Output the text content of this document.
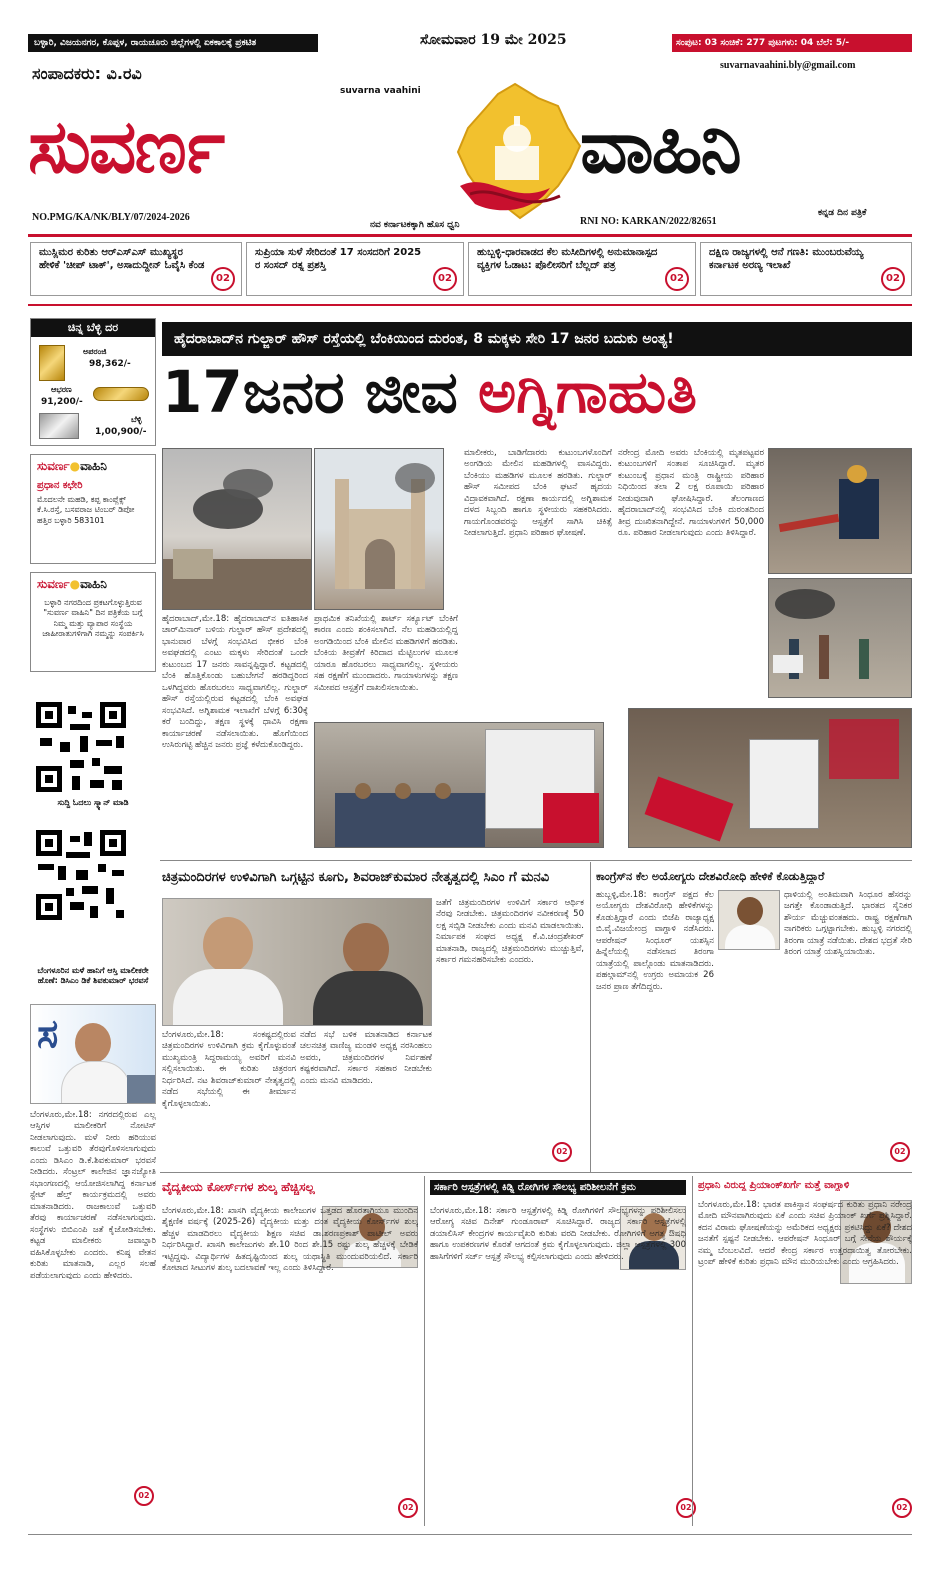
ಬಳ್ಳಾರಿ, ವಿಜಯನಗರ, ಕೊಪ್ಪಳ, ರಾಯಚೂರು ಜಿಲ್ಲೆಗಳಲ್ಲಿ ಏಕಕಾಲಕ್ಕೆ ಪ್ರಕಟಿತ	ಸೋಮವಾರ 19 ಮೇ 2025	ಸಂಪುಟ: 03 ಸಂಚಿಕೆ: 277 ಪುಟಗಳು: 04 ಬೆಲೆ: 5/-
ಸಂಪಾದಕರು: ವಿ.ರವಿ	suvarnavaahini.bly@gmail.com
suvarna vaahini
ಸುವರ್ಣ	ವಾಹಿನಿ
NO.PMG/KA/NK/BLY/07/2024-2026
ನವ ಕರ್ನಾಟಕಕ್ಕಾಗಿ ಹೊಸ ಧ್ವನಿ	RNI NO: KARKAN/2022/82651
ಕನ್ನಡ ದಿನ ಪತ್ರಿಕೆ
ಮುಸ್ಲಿಮರ ಕುರಿತು ಆರ್‌ಎಸ್‌ಎಸ್ ಮುಖ್ಯಸ್ಥರ ಹೇಳಿಕೆ 'ಚೀಪ್ ಟಾಕ್', ಅಸಾದುದ್ದೀನ್ ಓವೈಸಿ ಕೆಂಡ
02
ಸುಪ್ರಿಯಾ ಸುಳೆ ಸೇರಿದಂತೆ 17 ಸಂಸದರಿಗೆ 2025 ರ ಸಂಸದ್ ರತ್ನ ಪ್ರಶಸ್ತಿ
02
ಹುಬ್ಬಳ್ಳಿ-ಧಾರವಾಡದ ಕೆಲ ಮಸೀದಿಗಳಲ್ಲಿ ಅನುಮಾನಾಸ್ಪದ ವ್ಯಕ್ತಿಗಳ ಓಡಾಟ: ಪೊಲೀಸರಿಗೆ ಬೆಲ್ಲದ್ ಪತ್ರ
02
ದಕ್ಷಿಣ ರಾಜ್ಯಗಳಲ್ಲಿ ಆನೆ ಗಣತಿ: ಮುಂಬರುವೆಯ್ಯ ಕರ್ನಾಟಕ ಅರಣ್ಯ ಇಲಾಖೆ
02
ಚಿನ್ನ ಬೆಳ್ಳಿ ದರ
ಅಪರಂಜಿ
98,362/-
ಆಭರಣ
91,200/-
ಬೆಳ್ಳಿ
1,00,900/-
ಸುವರ್ಣ●ವಾಹಿನಿ
ಪ್ರಧಾನ ಕಛೇರಿ
ಮೊದಲನೇ ಮಹಡಿ, ಕಪ್ಪ ಕಾಂಪ್ಲೆಕ್ಸ್ ಕೆ.ಸಿ.ರಸ್ತೆ, ಬಸವರಾಜ ಟಿಂಬರ್ ಡಿಪೋ ಹತ್ತಿರ ಬಳ್ಳಾರಿ 583101
ಸುವರ್ಣ●ವಾಹಿನಿ
ಬಳ್ಳಾರಿ ನಗರದಿಂದ ಪ್ರಕಟಗೊಳ್ಳುತ್ತಿರುವ "ಸುವರ್ಣ ವಾಹಿನಿ" ದಿನ ಪತ್ರಿಕೆಯ ಬಗ್ಗೆ ನಿಮ್ಮ ಮತ್ತು ವ್ಯಾಪಾರ ಸಂಸ್ಥೆಯ ಜಾಹೀರಾತುಗಳಿಗಾಗಿ ನಮ್ಮನ್ನು ಸಂಪರ್ಕಿಸಿ
ಸುದ್ದಿ ಓದಲು ಸ್ಕ್ಯಾನ್ ಮಾಡಿ
ಬೆಂಗಳೂರಿನ ಮಳೆ ಹಾನಿಗೆ ಆಸ್ತಿ ಮಾಲೀಕರೇ ಹೊಣೆ: ಡಿಸಿಎಂ ಡಿಕೆ ಶಿವಕುಮಾರ್ ಭರವಸೆ
ಸ
ಬೆಂಗಳೂರು,ಮೇ.18: ನಗರದಲ್ಲಿರುವ ಎಲ್ಲ ಆಸ್ತಿಗಳ ಮಾಲೀಕರಿಗೆ ನೋಟಿಸ್ ನೀಡಲಾಗುವುದು. ಮಳೆ ನೀರು ಹರಿಯುವ ಕಾಲುವೆ ಒತ್ತುವರಿ ತೆರವುಗೊಳಿಸಲಾಗುವುದು ಎಂದು ಡಿಸಿಎಂ ಡಿ.ಕೆ.ಶಿವಕುಮಾರ್ ಭರವಸೆ ನೀಡಿದರು. ಸೆಂಟ್ರಲ್ ಕಾಲೇಜಿನ ಜ್ಞಾನಜ್ಯೋತಿ ಸಭಾಂಗಣದಲ್ಲಿ ಆಯೋಜಿಸಲಾಗಿದ್ದ ಕರ್ನಾಟಕ ಸ್ಟೇಟ್ ಹೆಲ್ತ್ ಕಾರ್ಯಕ್ರಮದಲ್ಲಿ ಅವರು ಮಾತನಾಡಿದರು. ರಾಜಕಾಲುವೆ ಒತ್ತುವರಿ ತೆರವು ಕಾರ್ಯಾಚರಣೆ ನಡೆಸಲಾಗುವುದು. ಸಂಸ್ಥೆಗಳು ಬಿಬಿಎಂಪಿ ಜತೆ ಕೈಜೋಡಿಸಬೇಕು. ಕಟ್ಟಡ ಮಾಲೀಕರು ಜವಾಬ್ದಾರಿ ವಹಿಸಿಕೊಳ್ಳಬೇಕು ಎಂದರು. ಕನಿಷ್ಠ ವೇತನ ಕುರಿತು ಮಾತನಾಡಿ, ಎಲ್ಲರ ಸಲಹೆ ಪಡೆಯಲಾಗುವುದು ಎಂದು ಹೇಳಿದರು.
02
ಹೈದರಾಬಾದ್‌ನ ಗುಲ್ಜಾರ್ ಹೌಸ್ ರಸ್ತೆಯಲ್ಲಿ ಬೆಂಕಿಯಿಂದ ದುರಂತ, 8 ಮಕ್ಕಳು ಸೇರಿ 17 ಜನರ ಬದುಕು ಅಂತ್ಯ!
17ಜನರ ಜೀವ ಅಗ್ನಿಗಾಹುತಿ
ಹೈದರಾಬಾದ್,ಮೇ.18: ಹೈದರಾಬಾದ್‌ನ ಐತಿಹಾಸಿಕ ಚಾರ್‌ಮಿನಾರ್ ಬಳಿಯ ಗುಲ್ಜಾರ್ ಹೌಸ್ ಪ್ರದೇಶದಲ್ಲಿ ಭಾನುವಾರ ಬೆಳಗ್ಗೆ ಸಂಭವಿಸಿದ ಭೀಕರ ಬೆಂಕಿ ಅವಘಡದಲ್ಲಿ ಎಂಟು ಮಕ್ಕಳು ಸೇರಿದಂತೆ ಒಂದೇ ಕುಟುಂಬದ 17 ಜನರು ಸಾವನ್ನಪ್ಪಿದ್ದಾರೆ. ಕಟ್ಟಡದಲ್ಲಿ ಬೆಂಕಿ ಹೊತ್ತಿಕೊಂಡು ಬಹುಬೇಗನೆ ಹರಡಿದ್ದರಿಂದ ಒಳಗಿದ್ದವರು ಹೊರಬರಲು ಸಾಧ್ಯವಾಗಲಿಲ್ಲ. ಗುಲ್ಜಾರ್ ಹೌಸ್ ರಸ್ತೆಯಲ್ಲಿರುವ ಕಟ್ಟಡದಲ್ಲಿ ಬೆಂಕಿ ಅವಘಡ ಸಂಭವಿಸಿದೆ. ಅಗ್ನಿಶಾಮಕ ಇಲಾಖೆಗೆ ಬೆಳಗ್ಗೆ 6:30ಕ್ಕೆ ಕರೆ ಬಂದಿದ್ದು, ತಕ್ಷಣ ಸ್ಥಳಕ್ಕೆ ಧಾವಿಸಿ ರಕ್ಷಣಾ ಕಾರ್ಯಾಚರಣೆ ನಡೆಸಲಾಯಿತು. ಹೊಗೆಯಿಂದ ಉಸಿರುಗಟ್ಟಿ ಹೆಚ್ಚಿನ ಜನರು ಪ್ರಜ್ಞೆ ಕಳೆದುಕೊಂಡಿದ್ದರು.
ಪ್ರಾಥಮಿಕ ತನಿಖೆಯಲ್ಲಿ ಶಾರ್ಟ್ ಸರ್ಕ್ಯೂಟ್ ಬೆಂಕಿಗೆ ಕಾರಣ ಎಂದು ಶಂಕಿಸಲಾಗಿದೆ. ನೆಲ ಮಹಡಿಯಲ್ಲಿದ್ದ ಅಂಗಡಿಯಿಂದ ಬೆಂಕಿ ಮೇಲಿನ ಮಹಡಿಗಳಿಗೆ ಹರಡಿತು. ಬೆಂಕಿಯ ತೀವ್ರತೆಗೆ ಕಿರಿದಾದ ಮೆಟ್ಟಿಲುಗಳ ಮೂಲಕ ಯಾರೂ ಹೊರಬರಲು ಸಾಧ್ಯವಾಗಲಿಲ್ಲ. ಸ್ಥಳೀಯರು ಸಹ ರಕ್ಷಣೆಗೆ ಮುಂದಾದರು. ಗಾಯಾಳುಗಳನ್ನು ತಕ್ಷಣ ಸಮೀಪದ ಆಸ್ಪತ್ರೆಗೆ ದಾಖಲಿಸಲಾಯಿತು.
ಮಾಲೀಕರು, ಬಾಡಿಗೆದಾರರು ಕುಟುಂಬಗಳೊಂದಿಗೆ ಅಂಗಡಿಯ ಮೇಲಿನ ಮಹಡಿಗಳಲ್ಲಿ ವಾಸವಿದ್ದರು. ಬೆಂಕಿಯು ಮಹಡಿಗಳ ಮೂಲಕ ಹರಡಿತು. ಗುಲ್ಜಾರ್ ಹೌಸ್ ಸಮೀಪದ ಬೆಂಕಿ ಘಟನೆ ಹೃದಯ ವಿದ್ರಾವಕವಾಗಿದೆ. ರಕ್ಷಣಾ ಕಾರ್ಯದಲ್ಲಿ ಅಗ್ನಿಶಾಮಕ ದಳದ ಸಿಬ್ಬಂದಿ ಹಾಗೂ ಸ್ಥಳೀಯರು ಸಹಕರಿಸಿದರು. ಗಾಯಗೊಂಡವರನ್ನು ಆಸ್ಪತ್ರೆಗೆ ಸಾಗಿಸಿ ಚಿಕಿತ್ಸೆ ನೀಡಲಾಗುತ್ತಿದೆ. ಪ್ರಧಾನಿ ಪರಿಹಾರ ಘೋಷಣೆ.
ನರೇಂದ್ರ ಮೋದಿ ಅವರು ಬೆಂಕಿಯಲ್ಲಿ ಮೃತಪಟ್ಟವರ ಕುಟುಂಬಗಳಿಗೆ ಸಂತಾಪ ಸೂಚಿಸಿದ್ದಾರೆ. ಮೃತರ ಕುಟುಂಬಕ್ಕೆ ಪ್ರಧಾನ ಮಂತ್ರಿ ರಾಷ್ಟ್ರೀಯ ಪರಿಹಾರ ನಿಧಿಯಿಂದ ತಲಾ 2 ಲಕ್ಷ ರೂಪಾಯಿ ಪರಿಹಾರ ನೀಡುವುದಾಗಿ ಘೋಷಿಸಿದ್ದಾರೆ. ತೆಲಂಗಾಣದ ಹೈದರಾಬಾದ್‌ನಲ್ಲಿ ಸಂಭವಿಸಿದ ಬೆಂಕಿ ದುರಂತದಿಂದ ತೀವ್ರ ದುಃಖಿತನಾಗಿದ್ದೇನೆ. ಗಾಯಾಳುಗಳಿಗೆ 50,000 ರೂ. ಪರಿಹಾರ ನೀಡಲಾಗುವುದು ಎಂದು ತಿಳಿಸಿದ್ದಾರೆ.
ಚಿತ್ರಮಂದಿರಗಳ ಉಳಿವಿಗಾಗಿ ಒಗ್ಗಟ್ಟಿನ ಕೂಗು, ಶಿವರಾಜ್‌ಕುಮಾರ ನೇತೃತ್ವದಲ್ಲಿ ಸಿಎಂ ಗೆ ಮನವಿ
ಜತೆಗೆ ಚಿತ್ರಮಂದಿರಗಳ ಉಳಿವಿಗೆ ಸರ್ಕಾರ ಆರ್ಥಿಕ ನೆರವು ನೀಡಬೇಕು. ಚಿತ್ರಮಂದಿರಗಳ ನವೀಕರಣಕ್ಕೆ 50 ಲಕ್ಷ ಸಬ್ಸಿಡಿ ನೀಡಬೇಕು ಎಂದು ಮನವಿ ಮಾಡಲಾಯಿತು. ನಿರ್ಮಾಪಕ ಸಂಘದ ಅಧ್ಯಕ್ಷ ಕೆ.ವಿ.ಚಂದ್ರಶೇಖರ್ ಮಾತನಾಡಿ, ರಾಜ್ಯದಲ್ಲಿ ಚಿತ್ರಮಂದಿರಗಳು ಮುಚ್ಚುತ್ತಿವೆ, ಸರ್ಕಾರ ಗಮನಹರಿಸಬೇಕು ಎಂದರು.
ಬೆಂಗಳೂರು,ಮೇ.18: ಸಂಕಷ್ಟದಲ್ಲಿರುವ ಚಿತ್ರಮಂದಿರಗಳ ಉಳಿವಿಗಾಗಿ ಕ್ರಮ ಕೈಗೊಳ್ಳುವಂತೆ ಮುಖ್ಯಮಂತ್ರಿ ಸಿದ್ದರಾಮಯ್ಯ ಅವರಿಗೆ ಮನವಿ ಸಲ್ಲಿಸಲಾಯಿತು. ಈ ಕುರಿತು ಚಿತ್ರರಂಗ ನಿರ್ಧರಿಸಿದೆ. ನಟ ಶಿವರಾಜ್‌ಕುಮಾರ್ ನೇತೃತ್ವದಲ್ಲಿ ನಡೆದ ಸಭೆಯಲ್ಲಿ ಈ ತೀರ್ಮಾನ ಕೈಗೊಳ್ಳಲಾಯಿತು.
ನಡೆದ ಸಭೆ ಬಳಿಕ ಮಾತನಾಡಿದ ಕರ್ನಾಟಕ ಚಲನಚಿತ್ರ ವಾಣಿಜ್ಯ ಮಂಡಳಿ ಅಧ್ಯಕ್ಷ ನರಸಿಂಹಲು ಅವರು, ಚಿತ್ರಮಂದಿರಗಳ ನಿರ್ವಹಣೆ ಕಷ್ಟಕರವಾಗಿದೆ. ಸರ್ಕಾರ ಸಹಕಾರ ನೀಡಬೇಕು ಎಂದು ಮನವಿ ಮಾಡಿದರು.
02
ಕಾಂಗ್ರೆಸ್‌ನ ಕೆಲ ಅಯೋಗ್ಯರು ದೇಶವಿರೋಧಿ ಹೇಳಿಕೆ ಕೊಡುತ್ತಿದ್ದಾರೆ
ಹುಬ್ಬಳ್ಳಿ,ಮೇ.18: ಕಾಂಗ್ರೆಸ್ ಪಕ್ಷದ ಕೆಲ ಅಯೋಗ್ಯರು ದೇಶವಿರೋಧಿ ಹೇಳಿಕೆಗಳನ್ನು ಕೊಡುತ್ತಿದ್ದಾರೆ ಎಂದು ಬಿಜೆಪಿ ರಾಜ್ಯಾಧ್ಯಕ್ಷ ಬಿ.ವೈ.ವಿಜಯೇಂದ್ರ ವಾಗ್ದಾಳಿ ನಡೆಸಿದರು. ಆಪರೇಷನ್ ಸಿಂಧೂರ್ ಯಶಸ್ಸಿನ ಹಿನ್ನೆಲೆಯಲ್ಲಿ ನಡೆಸಲಾದ ತಿರಂಗಾ ಯಾತ್ರೆಯಲ್ಲಿ ಪಾಲ್ಗೊಂಡು ಮಾತನಾಡಿದರು. ಪಹಲ್ಗಾಮ್‌ನಲ್ಲಿ ಉಗ್ರರು ಅಮಾಯಕ 26 ಜನರ ಪ್ರಾಣ ತೆಗೆದಿದ್ದರು.
ಧಾಳಿಯಲ್ಲಿ ಅಂತಿಮವಾಗಿ ಸಿಂಧೂರ ಹೆಸರನ್ನು ಜಗತ್ತೇ ಕೊಂಡಾಡುತ್ತಿದೆ. ಭಾರತದ ಸೈನಿಕರ ಶೌರ್ಯ ಮೆಚ್ಚುವಂತಹದು. ರಾಷ್ಟ್ರ ರಕ್ಷಣೆಗಾಗಿ ನಾಗರಿಕರು ಒಗ್ಗಟ್ಟಾಗಬೇಕು. ಹುಬ್ಬಳ್ಳಿ ನಗರದಲ್ಲಿ ತಿರಂಗಾ ಯಾತ್ರೆ ನಡೆಯಿತು. ದೇಶದ ಭದ್ರತೆ ಸೇರಿ ತಿರಂಗ ಯಾತ್ರೆ ಯಶಸ್ವಿಯಾಯಿತು.
02
ವೈದ್ಯಕೀಯ ಕೋರ್ಸ್‌ಗಳ ಶುಲ್ಕ ಹೆಚ್ಚಿಸಲ್ಲ
ಬೆಂಗಳೂರು,ಮೇ.18: ಖಾಸಗಿ ವೈದ್ಯಕೀಯ ಕಾಲೇಜುಗಳ ಒತ್ತಡದ ಹೊರತಾಗಿಯೂ ಮುಂದಿನ ಶೈಕ್ಷಣಿಕ ವರ್ಷಕ್ಕೆ (2025-26) ವೈದ್ಯಕೀಯ ಮತ್ತು ದಂತ ವೈದ್ಯಕೀಯ ಕೋರ್ಸ್‌ಗಳ ಶುಲ್ಕ ಹೆಚ್ಚಳ ಮಾಡದಿರಲು ವೈದ್ಯಕೀಯ ಶಿಕ್ಷಣ ಸಚಿವ ಡಾ.ಶರಣಪ್ರಕಾಶ್ ಪಾಟೀಲ್ ಅವರು ನಿರ್ಧರಿಸಿದ್ದಾರೆ. ಖಾಸಗಿ ಕಾಲೇಜುಗಳು ಶೇ.10 ರಿಂದ ಶೇ.15 ರಷ್ಟು ಶುಲ್ಕ ಹೆಚ್ಚಳಕ್ಕೆ ಬೇಡಿಕೆ ಇಟ್ಟಿದ್ದವು. ವಿದ್ಯಾರ್ಥಿಗಳ ಹಿತದೃಷ್ಟಿಯಿಂದ ಶುಲ್ಕ ಯಥಾಸ್ಥಿತಿ ಮುಂದುವರಿಯಲಿದೆ. ಸರ್ಕಾರಿ ಕೋಟಾದ ಸೀಟುಗಳ ಶುಲ್ಕ ಬದಲಾವಣೆ ಇಲ್ಲ ಎಂದು ತಿಳಿಸಿದ್ದಾರೆ.
02
ಸರ್ಕಾರಿ ಆಸ್ಪತ್ರೆಗಳಲ್ಲಿ ಕಿಡ್ನಿ ರೋಗಿಗಳ ಸೌಲಭ್ಯ ಪರಿಶೀಲನೆಗೆ ಕ್ರಮ
ಬೆಂಗಳೂರು,ಮೇ.18: ಸರ್ಕಾರಿ ಆಸ್ಪತ್ರೆಗಳಲ್ಲಿ ಕಿಡ್ನಿ ರೋಗಿಗಳಿಗೆ ಸೌಲಭ್ಯಗಳನ್ನು ಪರಿಶೀಲಿಸಲು ಆರೋಗ್ಯ ಸಚಿವ ದಿನೇಶ್ ಗುಂಡೂರಾವ್ ಸೂಚಿಸಿದ್ದಾರೆ. ರಾಜ್ಯದ ಸರ್ಕಾರಿ ಆಸ್ಪತ್ರೆಗಳಲ್ಲಿ ಡಯಾಲಿಸಿಸ್ ಕೇಂದ್ರಗಳ ಕಾರ್ಯವೈಖರಿ ಕುರಿತು ವರದಿ ನೀಡಬೇಕು. ರೋಗಿಗಳಿಗೆ ಅಗತ್ಯ ಔಷಧಿ ಹಾಗೂ ಉಪಕರಣಗಳ ಕೊರತೆ ಆಗದಂತೆ ಕ್ರಮ ಕೈಗೊಳ್ಳಲಾಗುವುದು. ಜಿಲ್ಲಾ ಆಸ್ಪತ್ರೆಗಳಲ್ಲಿ 300 ಹಾಸಿಗೆಗಳಿಗೆ ಸರ್ಜ್ ಆಸ್ಪತ್ರೆ ಸೌಲಭ್ಯ ಕಲ್ಪಿಸಲಾಗುವುದು ಎಂದು ಹೇಳಿದರು.
02
ಪ್ರಧಾನಿ ವಿರುದ್ಧ ಪ್ರಿಯಾಂಕ್‌ಖರ್ಗೆ ಮತ್ತೆ ವಾಗ್ದಾಳಿ
ಬೆಂಗಳೂರು,ಮೇ.18: ಭಾರತ ಪಾಕಿಸ್ತಾನ ಸಂಘರ್ಷದ ಕುರಿತು ಪ್ರಧಾನಿ ನರೇಂದ್ರ ಮೋದಿ ಮೌನವಾಗಿರುವುದು ಏಕೆ ಎಂದು ಸಚಿವ ಪ್ರಿಯಾಂಕ್ ಖರ್ಗೆ ಪ್ರಶ್ನಿಸಿದ್ದಾರೆ. ಕದನ ವಿರಾಮ ಘೋಷಣೆಯನ್ನು ಅಮೆರಿಕದ ಅಧ್ಯಕ್ಷರು ಪ್ರಕಟಿಸಿದ್ದು ಏಕೆ? ದೇಶದ ಜನತೆಗೆ ಸ್ಪಷ್ಟನೆ ನೀಡಬೇಕು. ಆಪರೇಷನ್ ಸಿಂಧೂರ್ ಬಗ್ಗೆ ಸೇನೆಯ ಶೌರ್ಯಕ್ಕೆ ನಮ್ಮ ಬೆಂಬಲವಿದೆ. ಆದರೆ ಕೇಂದ್ರ ಸರ್ಕಾರ ಉತ್ತರದಾಯಿತ್ವ ತೋರಬೇಕು. ಟ್ರಂಪ್ ಹೇಳಿಕೆ ಕುರಿತು ಪ್ರಧಾನಿ ಮೌನ ಮುರಿಯಬೇಕು ಎಂದು ಆಗ್ರಹಿಸಿದರು.
02
